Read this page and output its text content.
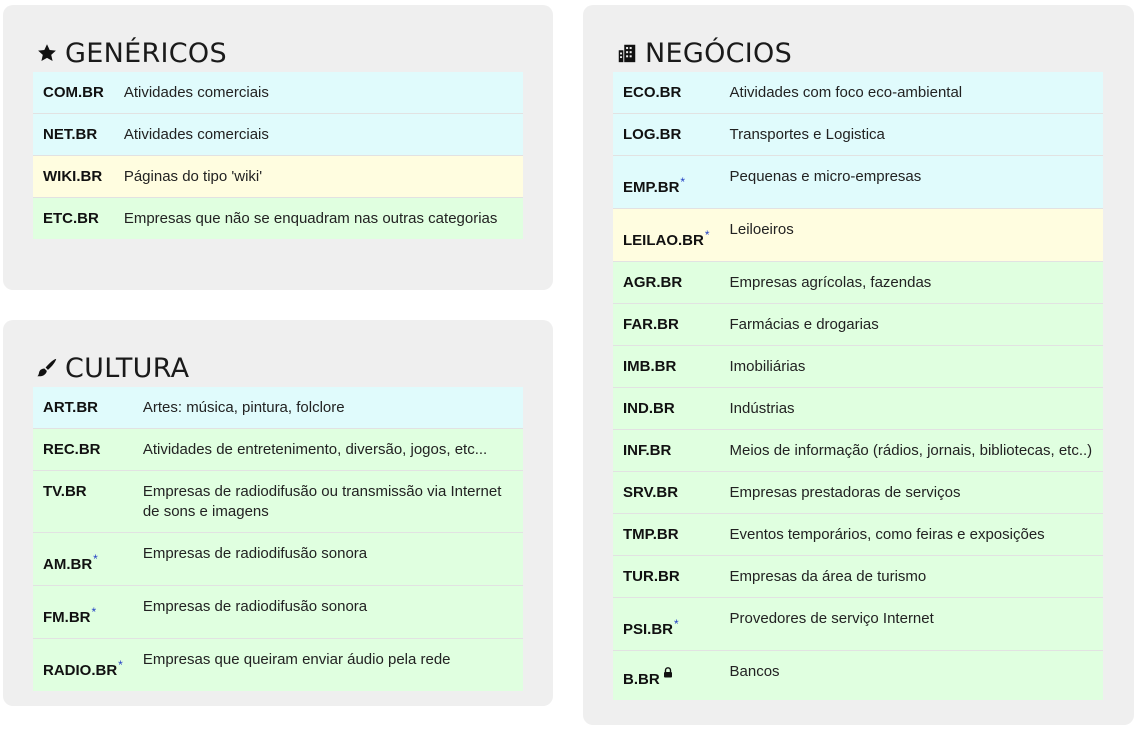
GENÉRICOS
COM.BR	Atividades comerciais
NET.BR	Atividades comerciais
WIKI.BR	Páginas do tipo 'wiki'
ETC.BR	Empresas que não se enquadram nas outras categorias
CULTURA
ART.BR	Artes: música, pintura, folclore
REC.BR	Atividades de entretenimento, diversão, jogos, etc...
TV.BR	Empresas de radiodifusão ou transmissão via Internet de sons e imagens
AM.BR*	Empresas de radiodifusão sonora
FM.BR*	Empresas de radiodifusão sonora
RADIO.BR*	Empresas que queiram enviar áudio pela rede
NEGÓCIOS
ECO.BR	Atividades com foco eco-ambiental
LOG.BR	Transportes e Logistica
EMP.BR*	Pequenas e micro-empresas
LEILAO.BR*	Leiloeiros
AGR.BR	Empresas agrícolas, fazendas
FAR.BR	Farmácias e drogarias
IMB.BR	Imobiliárias
IND.BR	Indústrias
INF.BR	Meios de informação (rádios, jornais, bibliotecas, etc..)
SRV.BR	Empresas prestadoras de serviços
TMP.BR	Eventos temporários, como feiras e exposições
TUR.BR	Empresas da área de turismo
PSI.BR*	Provedores de serviço Internet
B.BR	Bancos
